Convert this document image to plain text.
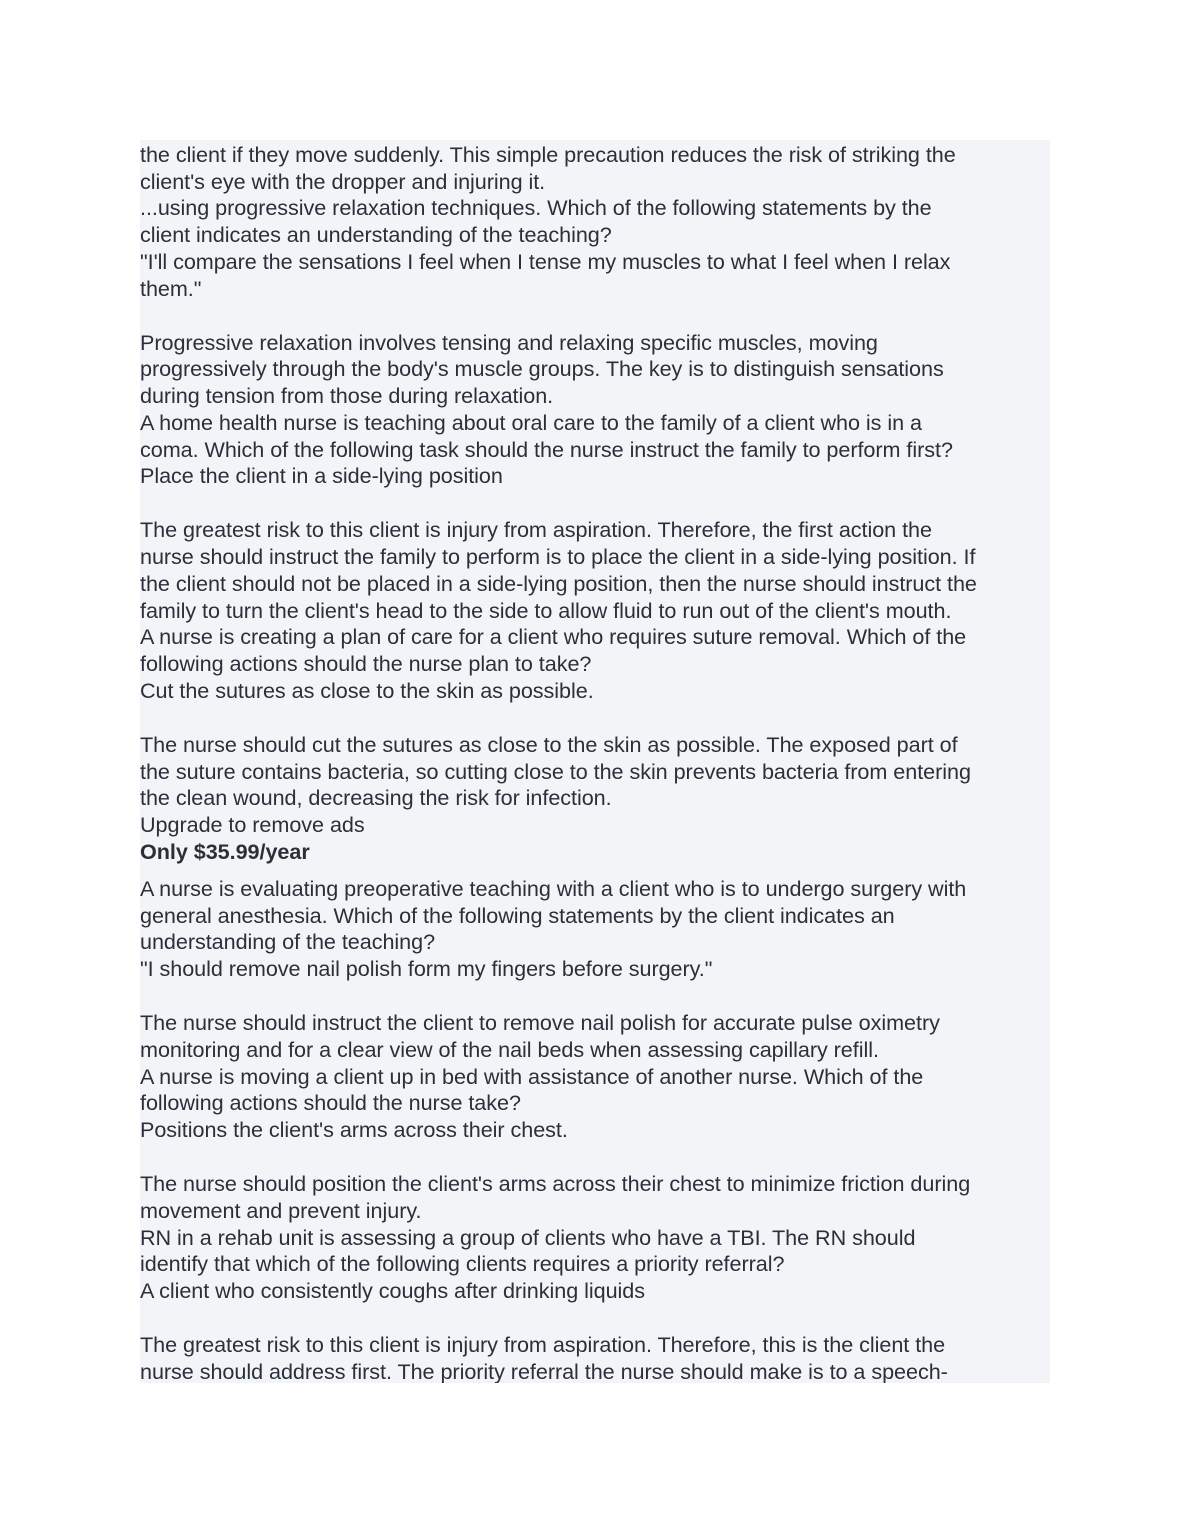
the client if they move suddenly. This simple precaution reduces the risk of striking the
client's eye with the dropper and injuring it.
...using progressive relaxation techniques. Which of the following statements by the
client indicates an understanding of the teaching?
"I'll compare the sensations I feel when I tense my muscles to what I feel when I relax
them."
Progressive relaxation involves tensing and relaxing specific muscles, moving
progressively through the body's muscle groups. The key is to distinguish sensations
during tension from those during relaxation.
A home health nurse is teaching about oral care to the family of a client who is in a
coma. Which of the following task should the nurse instruct the family to perform first?
Place the client in a side-lying position
The greatest risk to this client is injury from aspiration. Therefore, the first action the
nurse should instruct the family to perform is to place the client in a side-lying position. If
the client should not be placed in a side-lying position, then the nurse should instruct the
family to turn the client's head to the side to allow fluid to run out of the client's mouth.
A nurse is creating a plan of care for a client who requires suture removal. Which of the
following actions should the nurse plan to take?
Cut the sutures as close to the skin as possible.
The nurse should cut the sutures as close to the skin as possible. The exposed part of
the suture contains bacteria, so cutting close to the skin prevents bacteria from entering
the clean wound, decreasing the risk for infection.
Upgrade to remove ads
Only $35.99/year
A nurse is evaluating preoperative teaching with a client who is to undergo surgery with
general anesthesia. Which of the following statements by the client indicates an
understanding of the teaching?
"I should remove nail polish form my fingers before surgery."
The nurse should instruct the client to remove nail polish for accurate pulse oximetry
monitoring and for a clear view of the nail beds when assessing capillary refill.
A nurse is moving a client up in bed with assistance of another nurse. Which of the
following actions should the nurse take?
Positions the client's arms across their chest.
The nurse should position the client's arms across their chest to minimize friction during
movement and prevent injury.
RN in a rehab unit is assessing a group of clients who have a TBI. The RN should
identify that which of the following clients requires a priority referral?
A client who consistently coughs after drinking liquids
The greatest risk to this client is injury from aspiration. Therefore, this is the client the
nurse should address first. The priority referral the nurse should make is to a speech-
